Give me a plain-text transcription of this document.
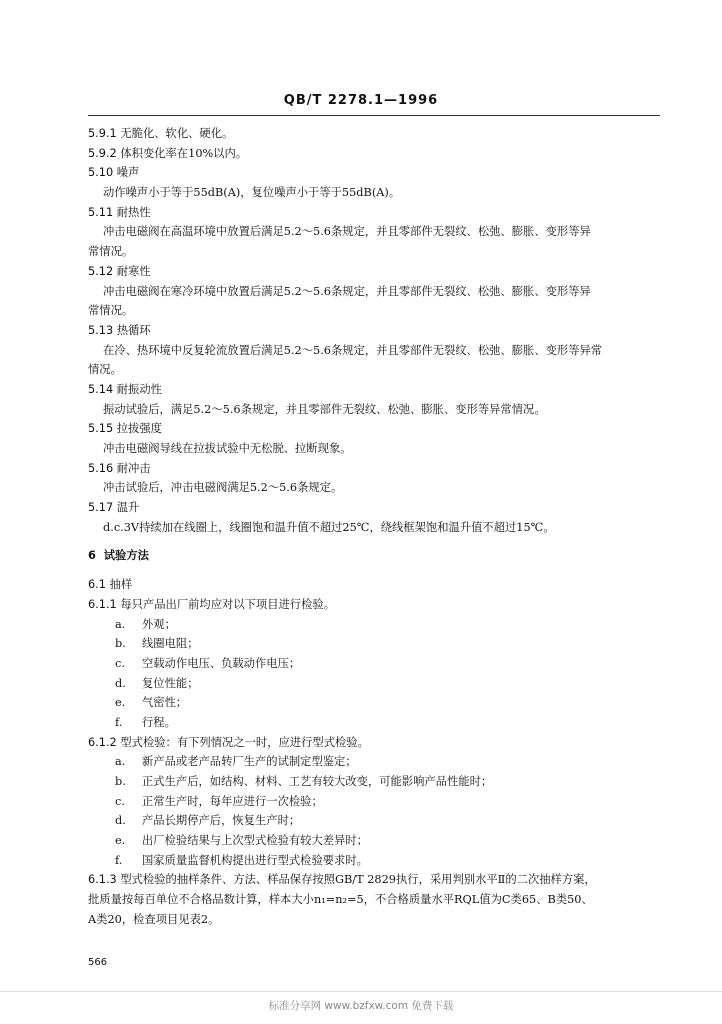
QB/T 2278.1—1996
5.9.1 无脆化、软化、硬化。
5.9.2 体积变化率在10%以内。
5.10 噪声
动作噪声小于等于55dB(A)，复位噪声小于等于55dB(A)。
5.11 耐热性
冲击电磁阀在高温环境中放置后满足5.2～5.6条规定，并且零部件无裂纹、松弛、膨胀、变形等异
常情况。
5.12 耐寒性
冲击电磁阀在寒冷环境中放置后满足5.2～5.6条规定，并且零部件无裂纹、松弛、膨胀、变形等异
常情况。
5.13 热循环
在冷、热环境中反复轮流放置后满足5.2～5.6条规定，并且零部件无裂纹、松弛、膨胀、变形等异常
情况。
5.14 耐振动性
振动试验后，满足5.2～5.6条规定，并且零部件无裂纹、松弛、膨胀、变形等异常情况。
5.15 拉拔强度
冲击电磁阀导线在拉拔试验中无松脱、拉断现象。
5.16 耐冲击
冲击试验后，冲击电磁阀满足5.2～5.6条规定。
5.17 温升
d.c.3V持续加在线圈上，线圈饱和温升值不超过25℃，绕线框架饱和温升值不超过15℃。
6 试验方法
6.1 抽样
6.1.1 每只产品出厂前均应对以下项目进行检验。
a. 外观；
b. 线圈电阻；
c. 空载动作电压、负载动作电压；
d. 复位性能；
e. 气密性；
f. 行程。
6.1.2 型式检验：有下列情况之一时，应进行型式检验。
a. 新产品或老产品转厂生产的试制定型鉴定；
b. 正式生产后，如结构、材料、工艺有较大改变，可能影响产品性能时；
c. 正常生产时，每年应进行一次检验；
d. 产品长期停产后，恢复生产时；
e. 出厂检验结果与上次型式检验有较大差异时；
f. 国家质量监督机构提出进行型式检验要求时。
6.1.3 型式检验的抽样条件、方法、样品保存按照GB/T 2829执行，采用判别水平Ⅱ的二次抽样方案，
批质量按每百单位不合格品数计算，样本大小n₁=n₂=5，不合格质量水平RQL值为C类65、B类50、
A类20，检查项目见表2。
566
标准分享网 www.bzfxw.com 免费下载
